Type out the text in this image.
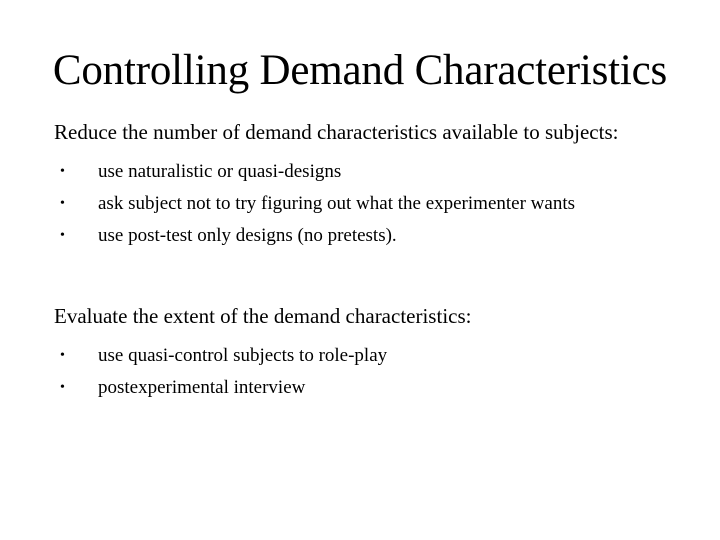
Controlling Demand Characteristics

Reduce the number of demand characteristics available to subjects:

• use naturalistic or quasi-designs
• ask subject not to try figuring out what the experimenter wants
• use post-test only designs (no pretests).

Evaluate the extent of the demand characteristics:

• use quasi-control subjects to role-play
• postexperimental interview
